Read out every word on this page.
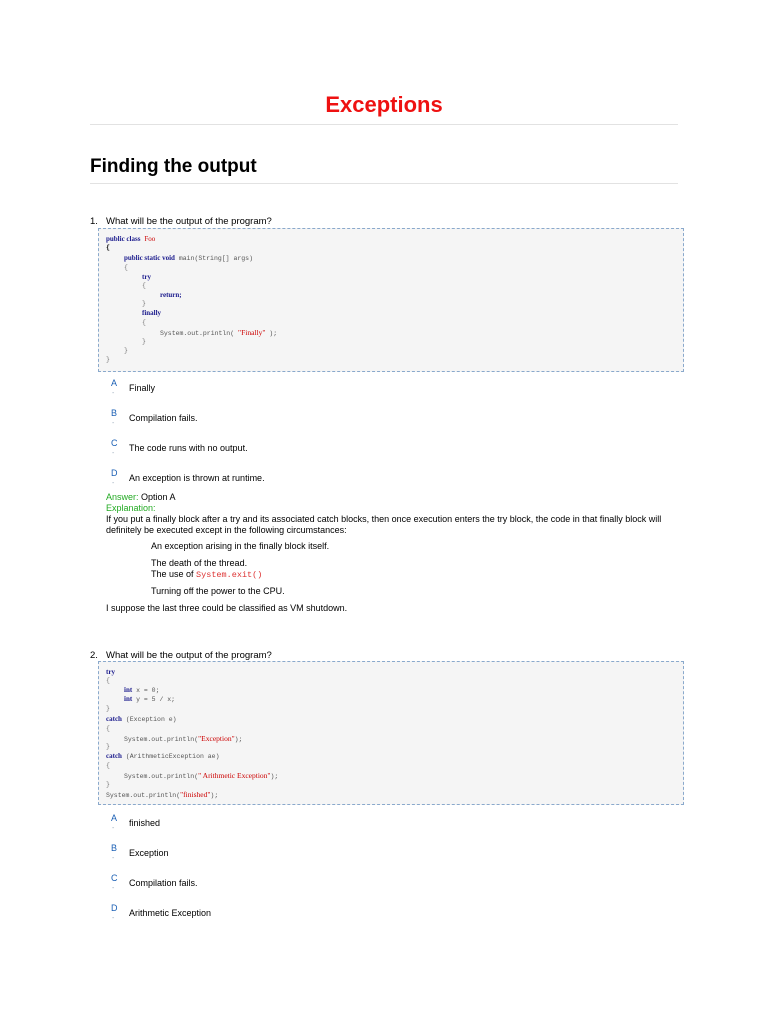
Exceptions
Finding the output
1. What will be the output of the program?
public class Foo
{
public static void main(String[] args)
{
try
{
return;
}
finally
{
System.out.println( "Finally" );
}
}
}
A
-
Finally
B
-
Compilation fails.
C
-
The code runs with no output.
D
-
An exception is thrown at runtime.
Answer: Option A
Explanation:
If you put a finally block after a try and its associated catch blocks, then once execution enters the try block, the code in that finally block will definitely be executed except in the following circumstances:
An exception arising in the finally block itself.
The death of the thread.
The use of System.exit()
Turning off the power to the CPU.
I suppose the last three could be classified as VM shutdown.
2. What will be the output of the program?
try
{
int x = 0;
int y = 5 / x;
}
catch (Exception e)
{
System.out.println("Exception");
}
catch (ArithmeticException ae)
{
System.out.println(" Arithmetic Exception");
}
System.out.println("finished");
A
-
finished
B
-
Exception
C
-
Compilation fails.
D
-
Arithmetic Exception
